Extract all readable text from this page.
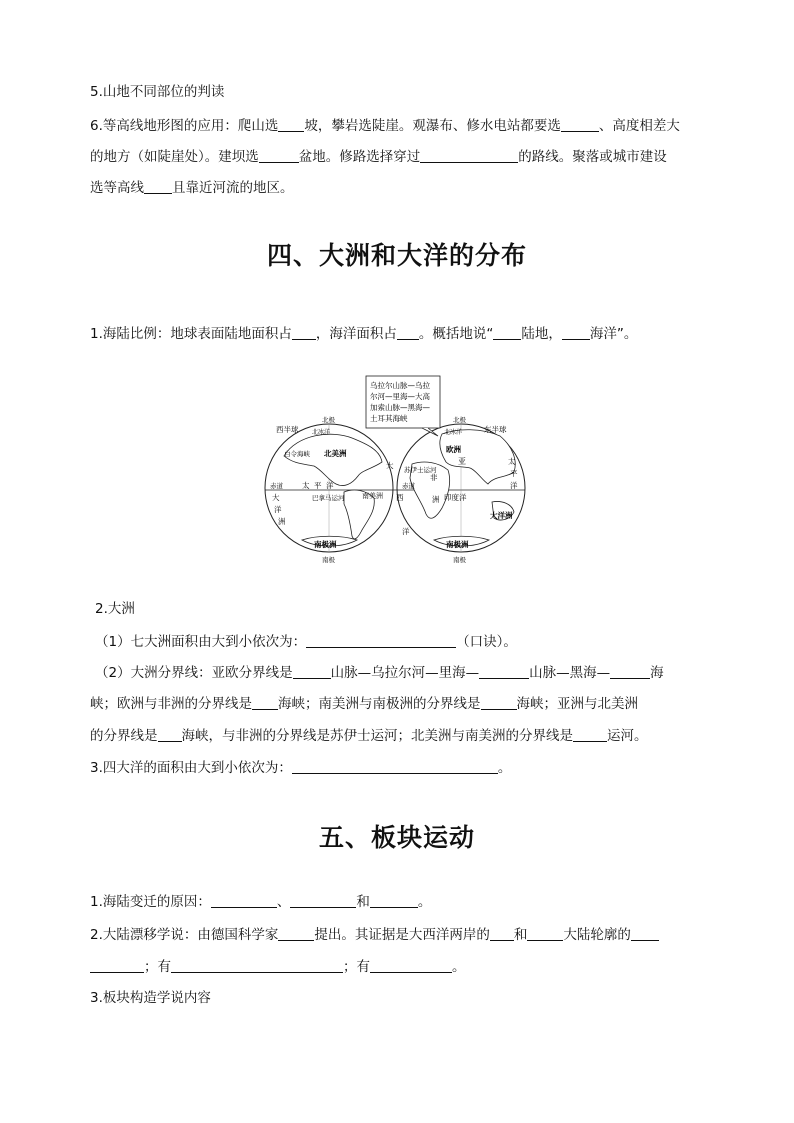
5.山地不同部位的判读
6.等高线地形图的应用：爬山选 坡，攀岩选陡崖。观瀑布、修水电站都要选	、高度相差大
的地方（如陡崖处）。建坝选	盆地。修路选择穿过	的路线。聚落或城市建设
选等高线 且靠近河流的地区。
四、大洲和大洋的分布
1.海陆比例：地球表面陆地面积占 ，海洋面积占 。概括地说“ 陆地， 海洋”。
乌拉尔山脉—乌拉
尔河—里海—大高
加索山脉—黑海—
土耳其海峡
西半球	东半球
北极	北极
南极	南极
北冰洋	北冰洋
白令海峡 北美洲
赤道	赤道
太 平 洋
大
洋
洲
巴拿马运河	南美洲
大
西
洋
苏伊士运河
欧洲
亚
非
洲 印度洋
太
平
洋
大洋洲
南极洲	南极洲
2.大洲
（1）七大洲面积由大到小依次为：	（口诀）。
（2）大洲分界线：亚欧分界线是	山脉—乌拉尔河—里海—	山脉—黑海—	海
峡；欧洲与非洲的分界线是 海峡；南美洲与南极洲的分界线是	海峡；亚洲与北美洲
的分界线是 海峡，与非洲的分界线是苏伊士运河；北美洲与南美洲的分界线是	运河。
3.四大洋的面积由大到小依次为：	。
五、板块运动
1.海陆变迁的原因：	、	和	。
2.大陆漂移学说：由德国科学家	提出。其证据是大西洋两岸的 和	大陆轮廓的
；有	；有	。
3.板块构造学说内容
